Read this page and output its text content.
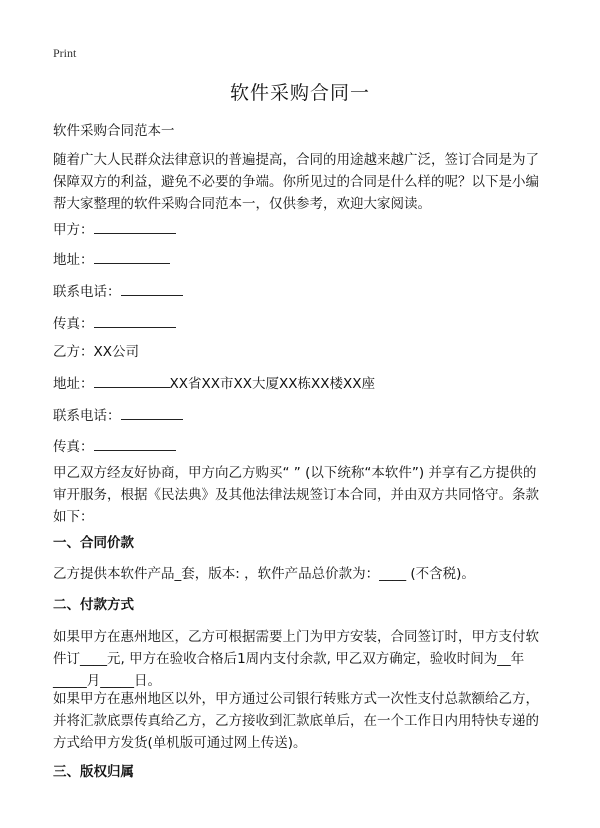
Print
软件采购合同一
软件采购合同范本一
随着广大人民群众法律意识的普遍提高，合同的用途越来越广泛，签订合同是为了
保障双方的利益，避免不必要的争端。你所见过的合同是什么样的呢？以下是小编
帮大家整理的软件采购合同范本一，仅供参考，欢迎大家阅读。
甲方：
地址：
联系电话：
传真：
乙方：XX公司
地址：	XX省XX市XX大厦XX栋XX楼XX座
联系电话：
传真：
甲乙双方经友好协商，甲方向乙方购买“ ” (以下统称“本软件”) 并享有乙方提供的
审开服务，根据《民法典》及其他法律法规签订本合同，并由双方共同恪守。条款
如下：
一、合同价款
乙方提供本软件产品_套，版本: ，软件产品总价款为：____ (不含税)。
二、付款方式
如果甲方在惠州地区，乙方可根据需要上门为甲方安装，合同签订时，甲方支付软
件订____元, 甲方在验收合格后1周内支付余款, 甲乙双方确定，验收时间为__年
_____月_____日。
如果甲方在惠州地区以外，甲方通过公司银行转账方式一次性支付总款额给乙方，
并将汇款底票传真给乙方，乙方接收到汇款底单后，在一个工作日内用特快专递的
方式给甲方发货(单机版可通过网上传送)。
三、版权归属
